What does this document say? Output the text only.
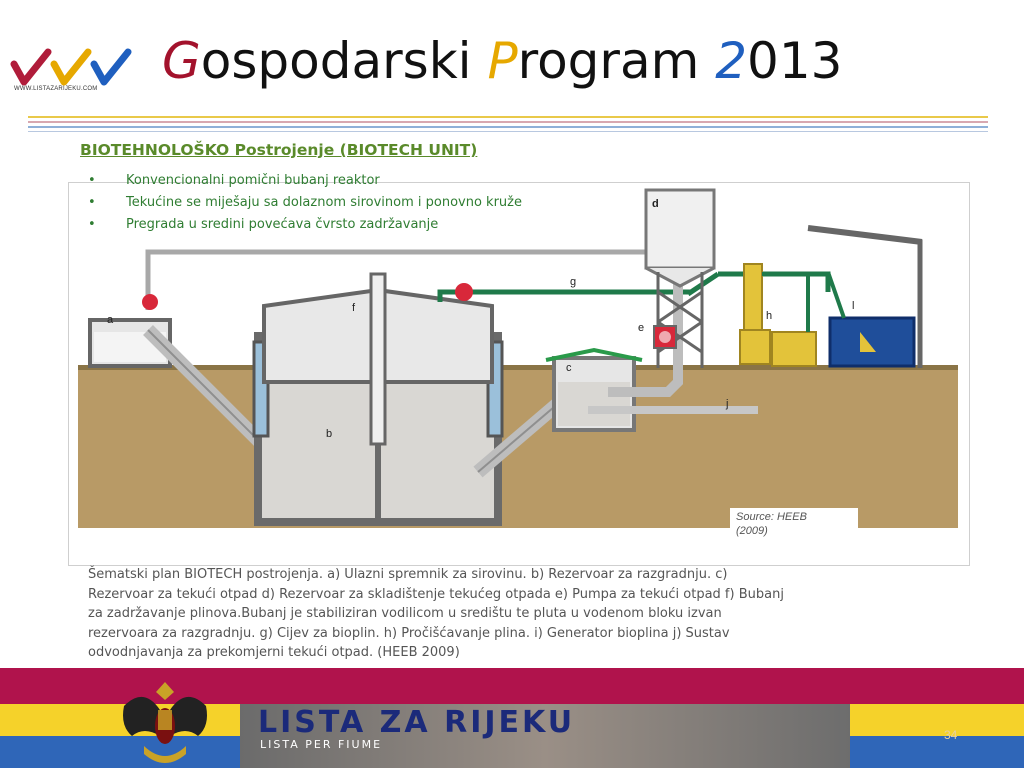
WWW.LISTAZARIJEKU.COM Gospodarski Program 2013
BIOTEHNOLOŠKO Postrojenje (BIOTECH UNIT)
a
b
c
d
e
f
g
h
l
j
Source: HEEB
(2009)
• Konvencionalni pomični bubanj reaktor
• Tekućine se miješaju sa dolaznom sirovinom i ponovno kruže
• Pregrada u sredini povećava čvrsto zadržavanje
Šematski plan BIOTECH postrojenja. a) Ulazni spremnik za sirovinu. b) Rezervoar za razgradnju. c)
Rezervoar za tekući otpad d) Rezervoar za skladištenje tekućeg otpada e) Pumpa za tekući otpad f) Bubanj
za zadržavanje plinova.Bubanj je stabiliziran vodilicom u središtu te pluta u vodenom bloku izvan
rezervoara za razgradnju. g) Cijev za bioplin. h) Pročišćavanje plina. i) Generator bioplina j) Sustav
odvodnjavanja za prekomjerni tekući otpad. (HEEB 2009)
LISTA ZA RIJEKU
LISTA PER FIUME
34
